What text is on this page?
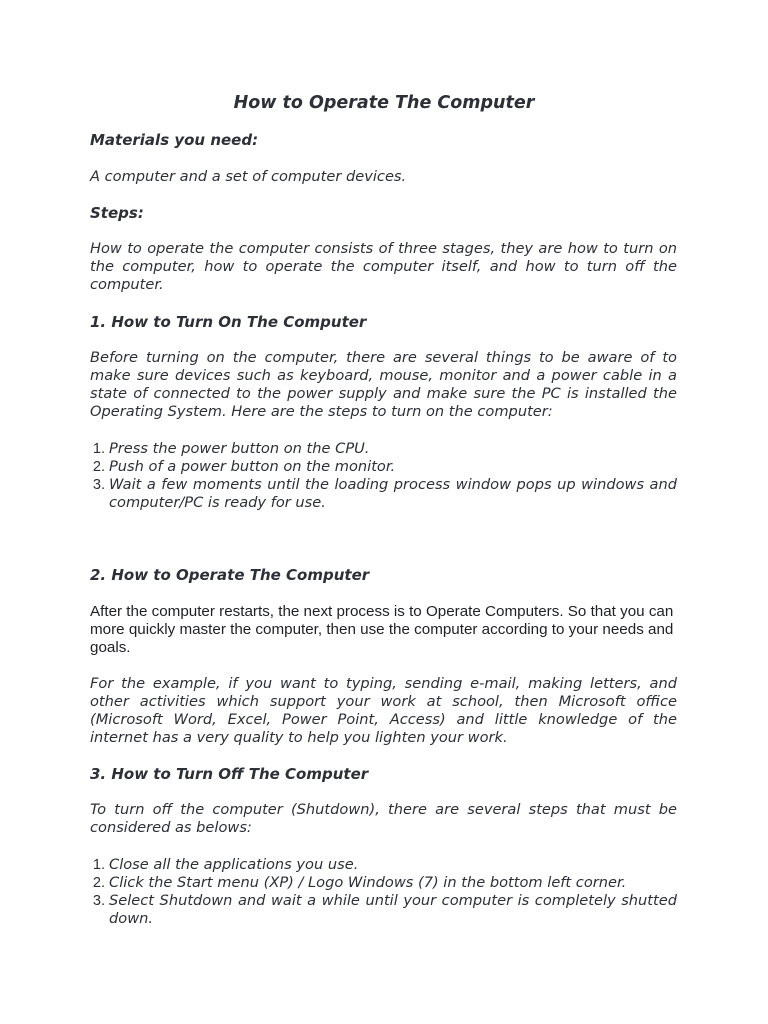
How to Operate The Computer

Materials you need:

A computer and a set of computer devices.

Steps:

How to operate the computer consists of three stages, they are how to turn on the computer, how to operate the computer itself, and how to turn off the computer.

1. How to Turn On The Computer

Before turning on the computer, there are several things to be aware of to make sure devices such as keyboard, mouse, monitor and a power cable in a state of connected to the power supply and make sure the PC is installed the Operating System. Here are the steps to turn on the computer:

1. Press the power button on the CPU.
2. Push of a power button on the monitor.
3. Wait a few moments until the loading process window pops up windows and computer/PC is ready for use.

2. How to Operate The Computer

After the computer restarts, the next process is to Operate Computers. So that you can more quickly master the computer, then use the computer according to your needs and goals.

For the example, if you want to typing, sending e-mail, making letters, and other activities which support your work at school, then Microsoft office (Microsoft Word, Excel, Power Point, Access) and little knowledge of the internet has a very quality to help you lighten your work.

3. How to Turn Off The Computer

To turn off the computer (Shutdown), there are several steps that must be considered as belows:

1. Close all the applications you use.
2. Click the Start menu (XP) / Logo Windows (7) in the bottom left corner.
3. Select Shutdown and wait a while until your computer is completely shutted down.
